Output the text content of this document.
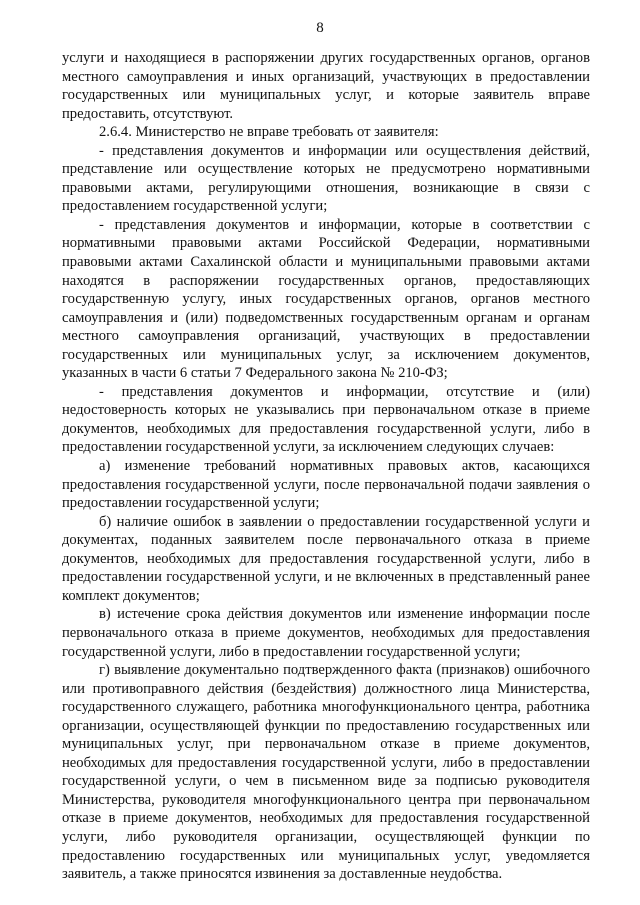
8

услуги и находящиеся в распоряжении других государственных органов, органов местного самоуправления и иных организаций, участвующих в предоставлении государственных или муниципальных услуг, и которые заявитель вправе предоставить, отсутствуют.

2.6.4. Министерство не вправе требовать от заявителя:

- представления документов и информации или осуществления действий, представление или осуществление которых не предусмотрено нормативными правовыми актами, регулирующими отношения, возникающие в связи с предоставлением государственной услуги;

- представления документов и информации, которые в соответствии с нормативными правовыми актами Российской Федерации, нормативными правовыми актами Сахалинской области и муниципальными правовыми актами находятся в распоряжении государственных органов, предоставляющих государственную услугу, иных государственных органов, органов местного самоуправления и (или) подведомственных государственным органам и органам местного самоуправления организаций, участвующих в предоставлении государственных или муниципальных услуг, за исключением документов, указанных в части 6 статьи 7 Федерального закона № 210-ФЗ;

- представления документов и информации, отсутствие и (или) недостоверность которых не указывались при первоначальном отказе в приеме документов, необходимых для предоставления государственной услуги, либо в предоставлении государственной услуги, за исключением следующих случаев:

а) изменение требований нормативных правовых актов, касающихся предоставления государственной услуги, после первоначальной подачи заявления о предоставлении государственной услуги;

б) наличие ошибок в заявлении о предоставлении государственной услуги и документах, поданных заявителем после первоначального отказа в приеме документов, необходимых для предоставления государственной услуги, либо в предоставлении государственной услуги, и не включенных в представленный ранее комплект документов;

в) истечение срока действия документов или изменение информации после первоначального отказа в приеме документов, необходимых для предоставления государственной услуги, либо в предоставлении государственной услуги;

г) выявление документально подтвержденного факта (признаков) ошибочного или противоправного действия (бездействия) должностного лица Министерства, государственного служащего, работника многофункционального центра, работника организации, осуществляющей функции по предоставлению государственных или муниципальных услуг, при первоначальном отказе в приеме документов, необходимых для предоставления государственной услуги, либо в предоставлении государственной услуги, о чем в письменном виде за подписью руководителя Министерства, руководителя многофункционального центра при первоначальном отказе в приеме документов, необходимых для предоставления государственной услуги, либо руководителя организации, осуществляющей функции по предоставлению государственных или муниципальных услуг, уведомляется заявитель, а также приносятся извинения за доставленные неудобства.
